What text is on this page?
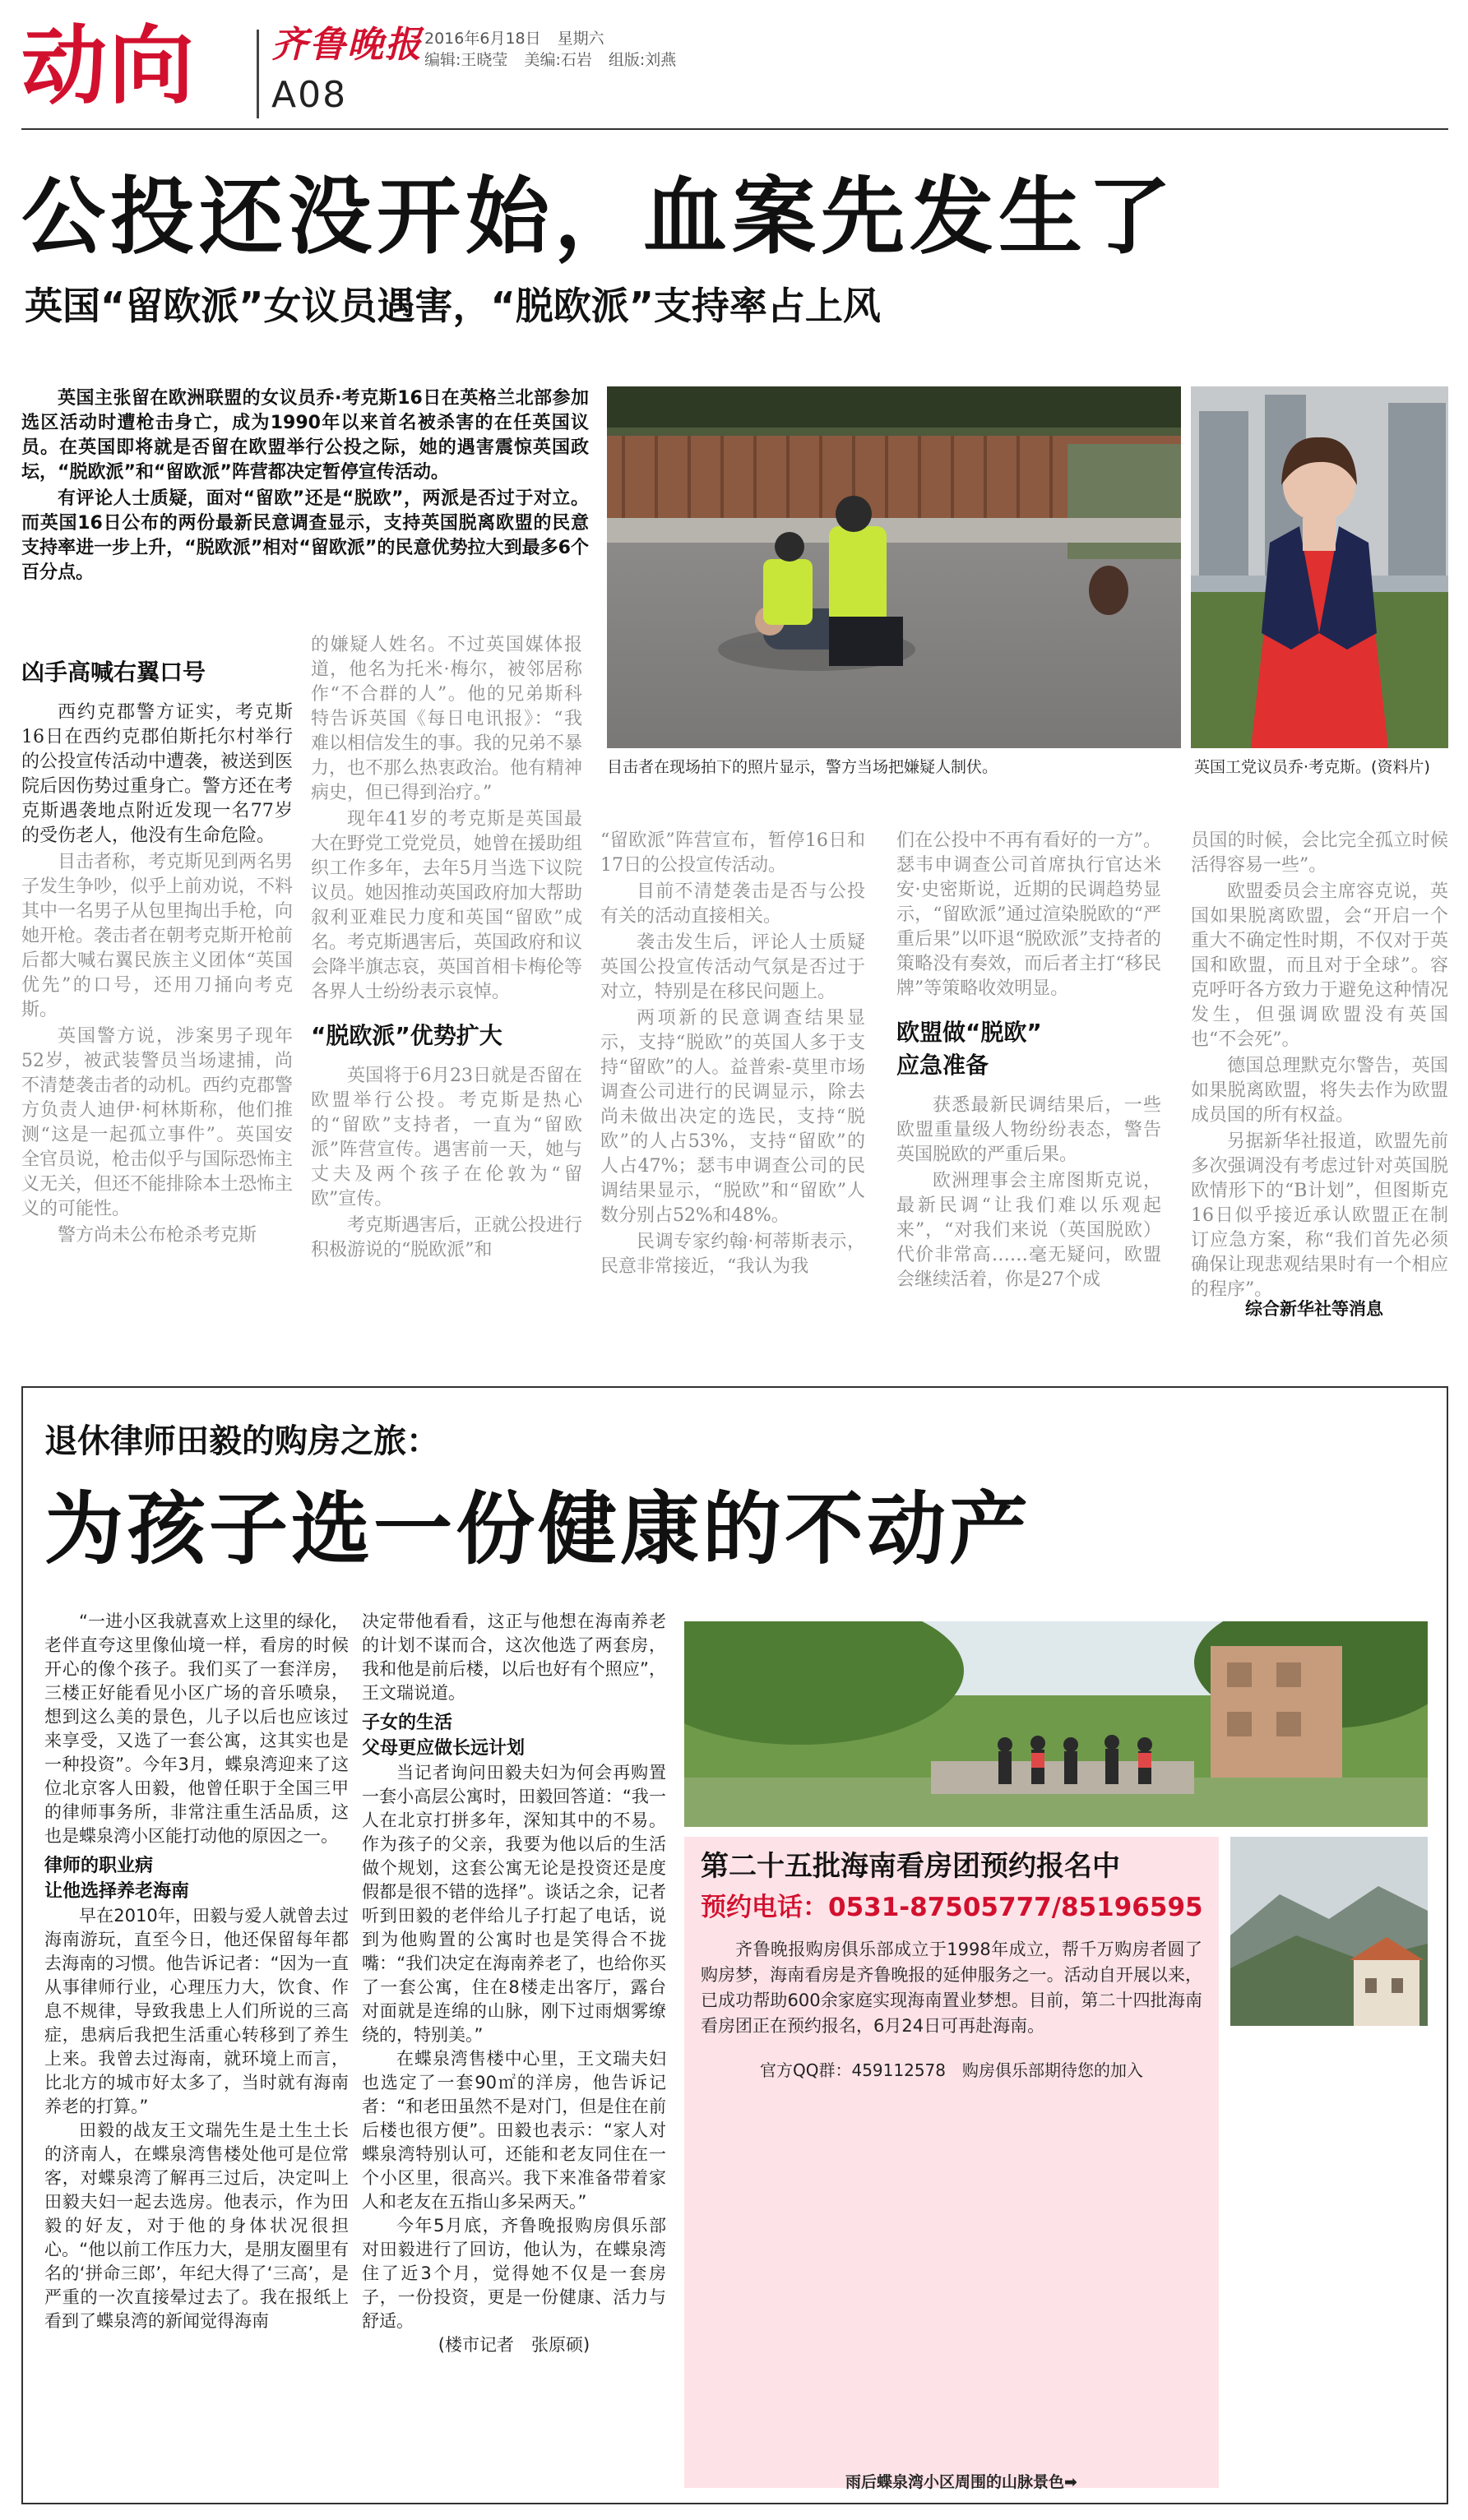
动向 齐鲁晚报
A08
2016年6月18日 星期六
编辑:王晓莹 美编:石岩 组版:刘燕
公投还没开始，血案先发生了
英国“留欧派”女议员遇害，“脱欧派”支持率占上风

英国主张留在欧洲联盟的女议员乔·考克斯16日在英格兰北部参加选区活动时遭枪击身亡，成为1990年以来首名被杀害的在任英国议员。在英国即将就是否留在欧盟举行公投之际，她的遇害震惊英国政坛，“脱欧派”和“留欧派”阵营都决定暂停宣传活动。

有评论人士质疑，面对“留欧”还是“脱欧”，两派是否过于对立。而英国16日公布的两份最新民意调查显示，支持英国脱离欧盟的民意支持率进一步上升，“脱欧派”相对“留欧派”的民意优势拉大到最多6个百分点。

凶手高喊右翼口号

西约克郡警方证实，考克斯16日在西约克郡伯斯托尔村举行的公投宣传活动中遭袭，被送到医院后因伤势过重身亡。警方还在考克斯遇袭地点附近发现一名77岁的受伤老人，他没有生命危险。

目击者称，考克斯见到两名男子发生争吵，似乎上前劝说，不料其中一名男子从包里掏出手枪，向她开枪。袭击者在朝考克斯开枪前后都大喊右翼民族主义团体“英国优先”的口号，还用刀捅向考克斯。

英国警方说，涉案男子现年52岁，被武装警员当场逮捕，尚不清楚袭击者的动机。西约克郡警方负责人迪伊·柯林斯称，他们推测“这是一起孤立事件”。英国安全官员说，枪击似乎与国际恐怖主义无关，但还不能排除本土恐怖主义的可能性。

警方尚未公布枪杀考克斯

的嫌疑人姓名。不过英国媒体报道，他名为托米·梅尔，被邻居称作“不合群的人”。他的兄弟斯科特告诉英国《每日电讯报》：“我难以相信发生的事。我的兄弟不暴力，也不那么热衷政治。他有精神病史，但已得到治疗。”

现年41岁的考克斯是英国最大在野党工党党员，她曾在援助组织工作多年，去年5月当选下议院议员。她因推动英国政府加大帮助叙利亚难民力度和英国“留欧”成名。考克斯遇害后，英国政府和议会降半旗志哀，英国首相卡梅伦等各界人士纷纷表示哀悼。

“脱欧派”优势扩大

英国将于6月23日就是否留在欧盟举行公投。考克斯是热心的“留欧”支持者，一直为“留欧派”阵营宣传。遇害前一天，她与丈夫及两个孩子在伦敦为“留欧”宣传。

考克斯遇害后，正就公投进行积极游说的“脱欧派”和

“留欧派”阵营宣布，暂停16日和17日的公投宣传活动。

目前不清楚袭击是否与公投有关的活动直接相关。

袭击发生后，评论人士质疑英国公投宣传活动气氛是否过于对立，特别是在移民问题上。

两项新的民意调查结果显示，支持“脱欧”的英国人多于支持“留欧”的人。益普索-莫里市场调查公司进行的民调显示，除去尚未做出决定的选民，支持“脱欧”的人占53%，支持“留欧”的人占47%；瑟韦申调查公司的民调结果显示，“脱欧”和“留欧”人数分别占52%和48%。

民调专家约翰·柯蒂斯表示，民意非常接近，“我认为我

们在公投中不再有看好的一方”。瑟韦申调查公司首席执行官达米安·史密斯说，近期的民调趋势显示，“留欧派”通过渲染脱欧的“严重后果”以吓退“脱欧派”支持者的策略没有奏效，而后者主打“移民牌”等策略收效明显。

欧盟做“脱欧”
应急准备

获悉最新民调结果后，一些欧盟重量级人物纷纷表态，警告英国脱欧的严重后果。

欧洲理事会主席图斯克说，最新民调“让我们难以乐观起来”，“对我们来说（英国脱欧）代价非常高……毫无疑问，欧盟会继续活着，你是27个成

员国的时候，会比完全孤立时候活得容易一些”。

欧盟委员会主席容克说，英国如果脱离欧盟，会“开启一个重大不确定性时期，不仅对于英国和欧盟，而且对于全球”。容克呼吁各方致力于避免这种情况发生，但强调欧盟没有英国也“不会死”。

德国总理默克尔警告，英国如果脱离欧盟，将失去作为欧盟成员国的所有权益。

另据新华社报道，欧盟先前多次强调没有考虑过针对英国脱欧情形下的“B计划”，但图斯克16日似乎接近承认欧盟正在制订应急方案，称“我们首先必须确保让现悲观结果时有一个相应的程序”。

综合新华社等消息
目击者在现场拍下的照片显示，警方当场把嫌疑人制伏。	英国工党议员乔·考克斯。(资料片)
退休律师田毅的购房之旅：
为孩子选一份健康的不动产

“一进小区我就喜欢上这里的绿化，老伴直夸这里像仙境一样，看房的时候开心的像个孩子。我们买了一套洋房，三楼正好能看见小区广场的音乐喷泉，想到这么美的景色，儿子以后也应该过来享受，又选了一套公寓，这其实也是一种投资”。今年3月，蝶泉湾迎来了这位北京客人田毅，他曾任职于全国三甲的律师事务所，非常注重生活品质，这也是蝶泉湾小区能打动他的原因之一。

律师的职业病
让他选择养老海南

早在2010年，田毅与爱人就曾去过海南游玩，直至今日，他还保留每年都去海南的习惯。他告诉记者：“因为一直从事律师行业，心理压力大，饮食、作息不规律，导致我患上人们所说的三高症，患病后我把生活重心转移到了养生上来。我曾去过海南，就环境上而言，比北方的城市好太多了，当时就有海南养老的打算。”

田毅的战友王文瑞先生是土生土长的济南人，在蝶泉湾售楼处他可是位常客，对蝶泉湾了解再三过后，决定叫上田毅夫妇一起去选房。他表示，作为田毅的好友，对于他的身体状况很担心。“他以前工作压力大，是朋友圈里有名的‘拼命三郎’，年纪大得了‘三高’，是严重的一次直接晕过去了。我在报纸上看到了蝶泉湾的新闻觉得海南

决定带他看看，这正与他想在海南养老的计划不谋而合，这次他选了两套房，我和他是前后楼，以后也好有个照应”，王文瑞说道。

子女的生活
父母更应做长远计划

当记者询问田毅夫妇为何会再购置一套小高层公寓时，田毅回答道：“我一人在北京打拼多年，深知其中的不易。作为孩子的父亲，我要为他以后的生活做个规划，这套公寓无论是投资还是度假都是很不错的选择”。谈话之余，记者听到田毅的老伴给儿子打起了电话，说到为他购置的公寓时也是笑得合不拢嘴：“我们决定在海南养老了，也给你买了一套公寓，住在8楼走出客厅，露台对面就是连绵的山脉，刚下过雨烟雾缭绕的，特别美。”

在蝶泉湾售楼中心里，王文瑞夫妇也选定了一套90㎡的洋房，他告诉记者：“和老田虽然不是对门，但是住在前后楼也很方便”。田毅也表示：“家人对蝶泉湾特别认可，还能和老友同住在一个小区里，很高兴。我下来准备带着家人和老友在五指山多呆两天。”

今年5月底，齐鲁晚报购房俱乐部对田毅进行了回访，他认为，在蝶泉湾住了近3个月，觉得她不仅是一套房子，一份投资，更是一份健康、活力与舒适。

(楼市记者　张原硕)

摄影　张原硕
第二十五批海南看房团预约报名中
预约电话：0531-87505777/85196595
齐鲁晚报购房俱乐部成立于1998年成立，帮千万购房者圆了购房梦，海南看房是齐鲁晚报的延伸服务之一。活动自开展以来，已成功帮助600余家庭实现海南置业梦想。目前，第二十四批海南看房团正在预约报名，6月24日可再赴海南。
官方QQ群：459112578　购房俱乐部期待您的加入
雨后蝶泉湾小区周围的山脉景色➡
